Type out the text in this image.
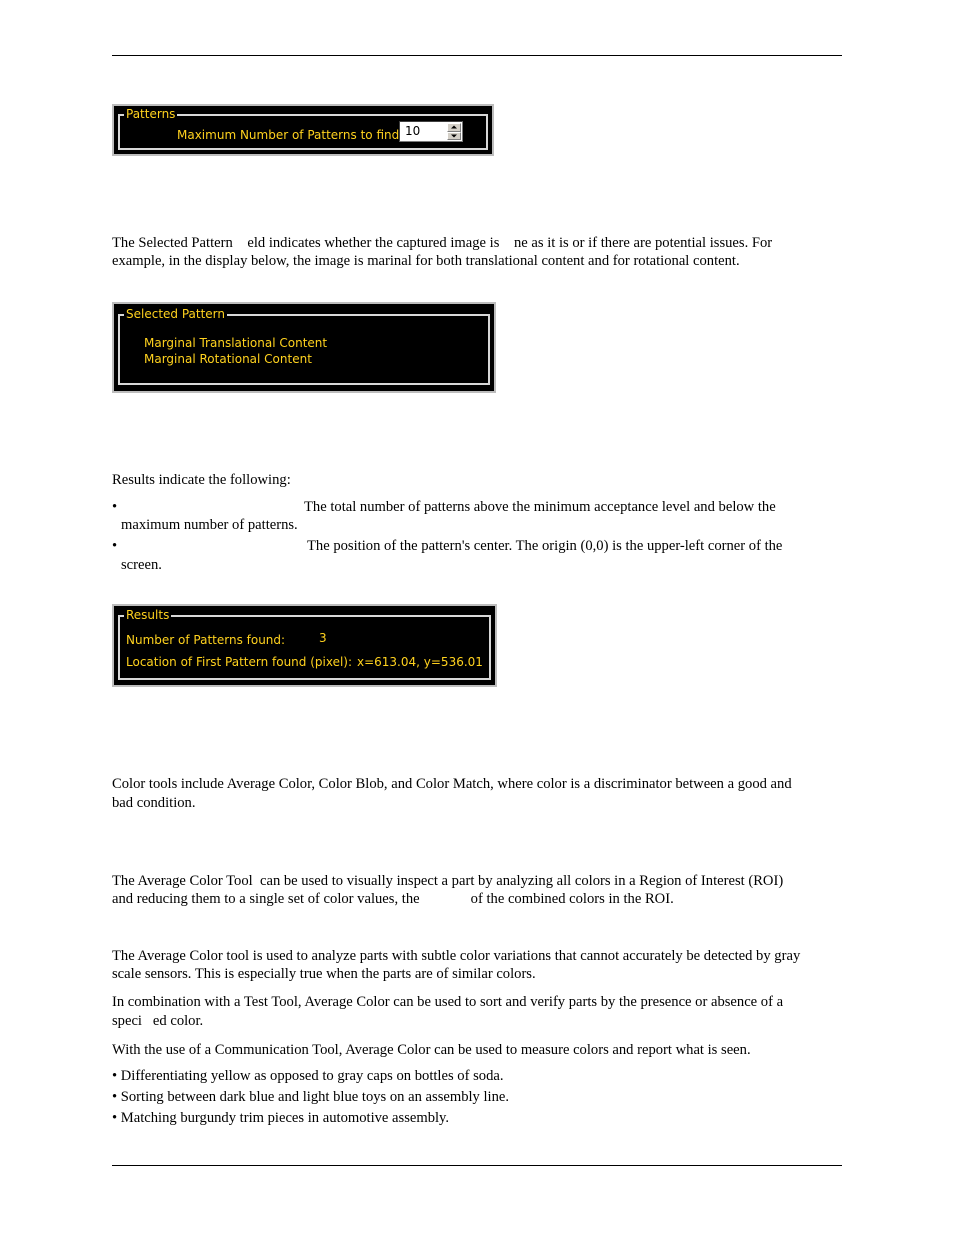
Patterns
Maximum Number of Patterns to find 10

The Selected Pattern    eld indicates whether the captured image is    ne as it is or if there are potential issues. For

example, in the display below, the image is marinal for both translational content and for rotational content.

Selected Pattern
Marginal Translational Content
Marginal Rotational Content

Results indicate the following:

•	The total number of patterns above the minimum acceptance level and below the
maximum number of patterns.
•	The position of the pattern's center. The origin (0,0) is the upper-left corner of the
screen.
Results
Number of Patterns found:	3
Location of First Pattern found (pixel): x=613.04, y=536.01

Color tools include Average Color, Color Blob, and Color Match, where color is a discriminator between a good and

bad condition.

The Average Color Tool  can be used to visually inspect a part by analyzing all colors in a Region of Interest (ROI)

and reducing them to a single set of color values, the              of the combined colors in the ROI.

The Average Color tool is used to analyze parts with subtle color variations that cannot accurately be detected by gray

scale sensors. This is especially true when the parts are of similar colors.

In combination with a Test Tool, Average Color can be used to sort and verify parts by the presence or absence of a

speci   ed color.

With the use of a Communication Tool, Average Color can be used to measure colors and report what is seen.

• Differentiating yellow as opposed to gray caps on bottles of soda.

• Sorting between dark blue and light blue toys on an assembly line.

• Matching burgundy trim pieces in automotive assembly.
